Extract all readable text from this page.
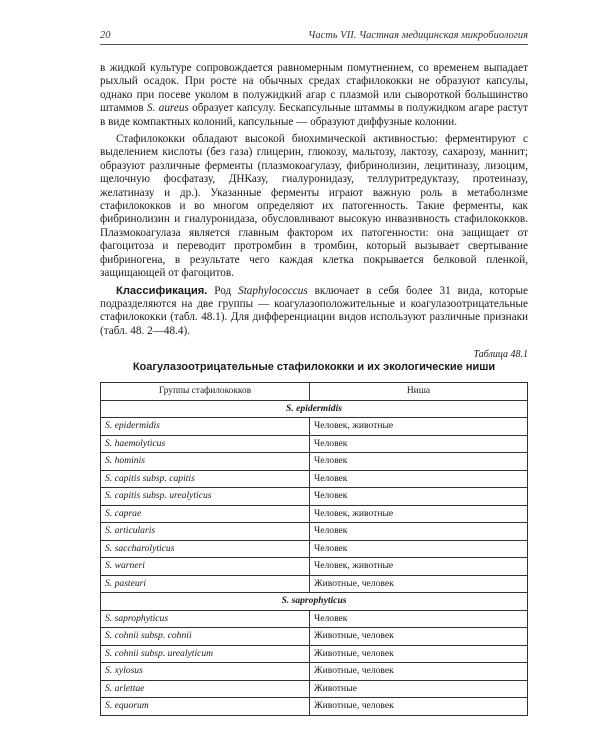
20	Часть VII. Частная медицинская микробиология

в жидкой культуре сопровождается равномерным помутнением, со временем выпадает рыхлый осадок. При росте на обычных средах стафилококки не образуют капсулы, однако при посеве уколом в полужидкий агар с плазмой или сывороткой большинство штаммов S. aureus образует капсулу. Бескапсульные штаммы в полужидком агаре растут в виде компактных колоний, капсульные — образуют диффузные колонии.

Стафилококки обладают высокой биохимической активностью: ферментируют с выделением кислоты (без газа) глицерин, глюкозу, мальтозу, лактозу, сахарозу, маннит; образуют различные ферменты (плазмокоагулазу, фибринолизин, лецитиназу, лизоцим, щелочную фосфатазу, ДНКазу, гиалуронидазу, теллуритредуктазу, протеиназу, желатиназу и др.). Указанные ферменты играют важную роль в метаболизме стафилококков и во многом определяют их патогенность. Такие ферменты, как фибринолизин и гиалуронидаза, обусловливают высокую инвазивность стафилококков. Плазмокоагулаза является главным фактором их патогенности: она защищает от фагоцитоза и переводит протромбин в тромбин, который вызывает свертывание фибриногена, в результате чего каждая клетка покрывается белковой пленкой, защищающей от фагоцитов.

Классификация. Род Staphylococcus включает в себя более 31 вида, которые подразделяются на две группы — коагулазоположительные и коагулазоотрицательные стафилококки (табл. 48.1). Для дифференциации видов используют различные признаки (табл. 48. 2—48.4).

Таблица 48.1
Коагулазоотрицательные стафилококки и их экологические ниши
Группы стафилококков	Ниша
S. epidermidis	
S. epidermidis	Человек, животные
S. haemolyticus	Человек
S. hominis	Человек
S. capitis subsp. capitis	Человек
S. capitis subsp. urealyticus	Человек
S. caprae	Человек, животные
S. articularis	Человек
S. saccharolyticus	Человек
S. warneri	Человек, животные
S. pasteuri	Животные, человек
S. saprophyticus	
S. saprophyticus	Человек
S. cohnii subsp. cohnii	Животные, человек
S. cohnii subsp. urealyticum	Животные, человек
S. xylosus	Животные, человек
S. arlettae	Животные
S. equorum	Животные, человек
